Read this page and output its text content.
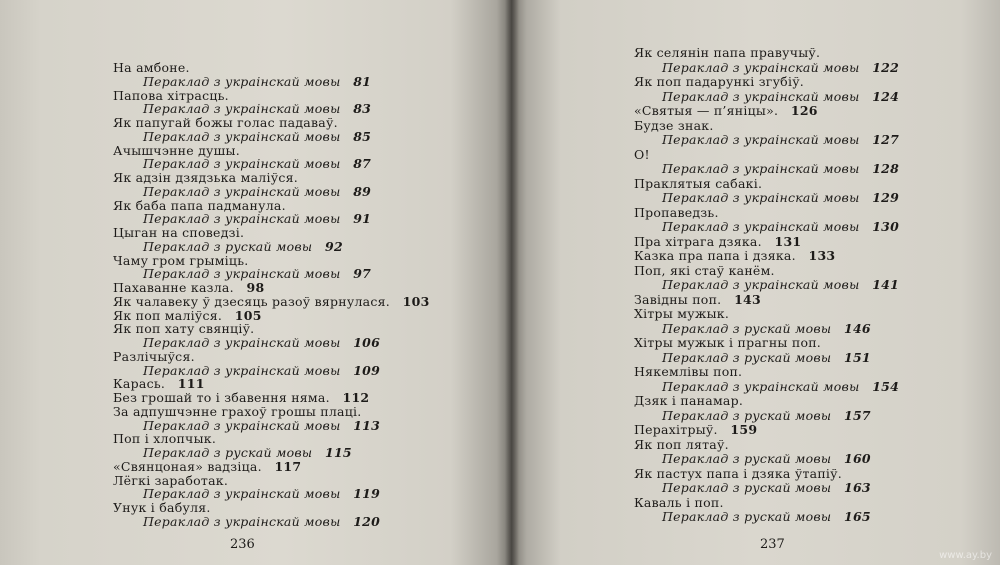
236
На амбоне.
Пераклад з украінскай мовы 81
Папова хітрасць.
Пераклад з украінскай мовы 83
Як папугай божы голас падаваў.
Пераклад з украінскай мовы 85
Ачышчэнне душы.
Пераклад з украінскай мовы 87
Як адзін дзядзька маліўся.
Пераклад з украінскай мовы 89
Як баба папа падманула.
Пераклад з украінскай мовы 91
Цыган на споведзі.
Пераклад з рускай мовы 92
Чаму гром грыміць.
Пераклад з украінскай мовы 97
Пахаванне казла. 98
Як чалавеку ў дзесяць разоў вярнулася. 103
Як поп маліўся. 105
Як поп хату свянціў.
Пераклад з украінскай мовы 106
Разлічыўся.
Пераклад з украінскай мовы 109
Карась. 111
Без грошай то і збавення няма. 112
За адпушчэнне грахоў грошы плаці.
Пераклад з украінскай мовы 113
Поп і хлопчык.
Пераклад з рускай мовы 115
«Свянцоная» вадзіца. 117
Лёгкі заработак.
Пераклад з украінскай мовы 119
Унук і бабуля.
Пераклад з украінскай мовы 120
237
www.ay.by
Як селянін папа правучыў.
Пераклад з украінскай мовы 122
Як поп падарункі згубіў.
Пераклад з украінскай мовы 124
«Святыя — п’яніцы». 126
Будзе знак.
Пераклад з украінскай мовы 127
О!
Пераклад з украінскай мовы 128
Праклятыя сабакі.
Пераклад з украінскай мовы 129
Пропаведзь.
Пераклад з украінскай мовы 130
Пра хітрага дзяка. 131
Казка пра папа і дзяка. 133
Поп, які стаў канём.
Пераклад з украінскай мовы 141
Завідны поп. 143
Хітры мужык.
Пераклад з рускай мовы 146
Хітры мужык і прагны поп.
Пераклад з рускай мовы 151
Някемлівы поп.
Пераклад з украінскай мовы 154
Дзяк і панамар.
Пераклад з рускай мовы 157
Перахітрыў. 159
Як поп лятаў.
Пераклад з рускай мовы 160
Як пастух папа і дзяка ўтапіў.
Пераклад з рускай мовы 163
Каваль і поп.
Пераклад з рускай мовы 165
